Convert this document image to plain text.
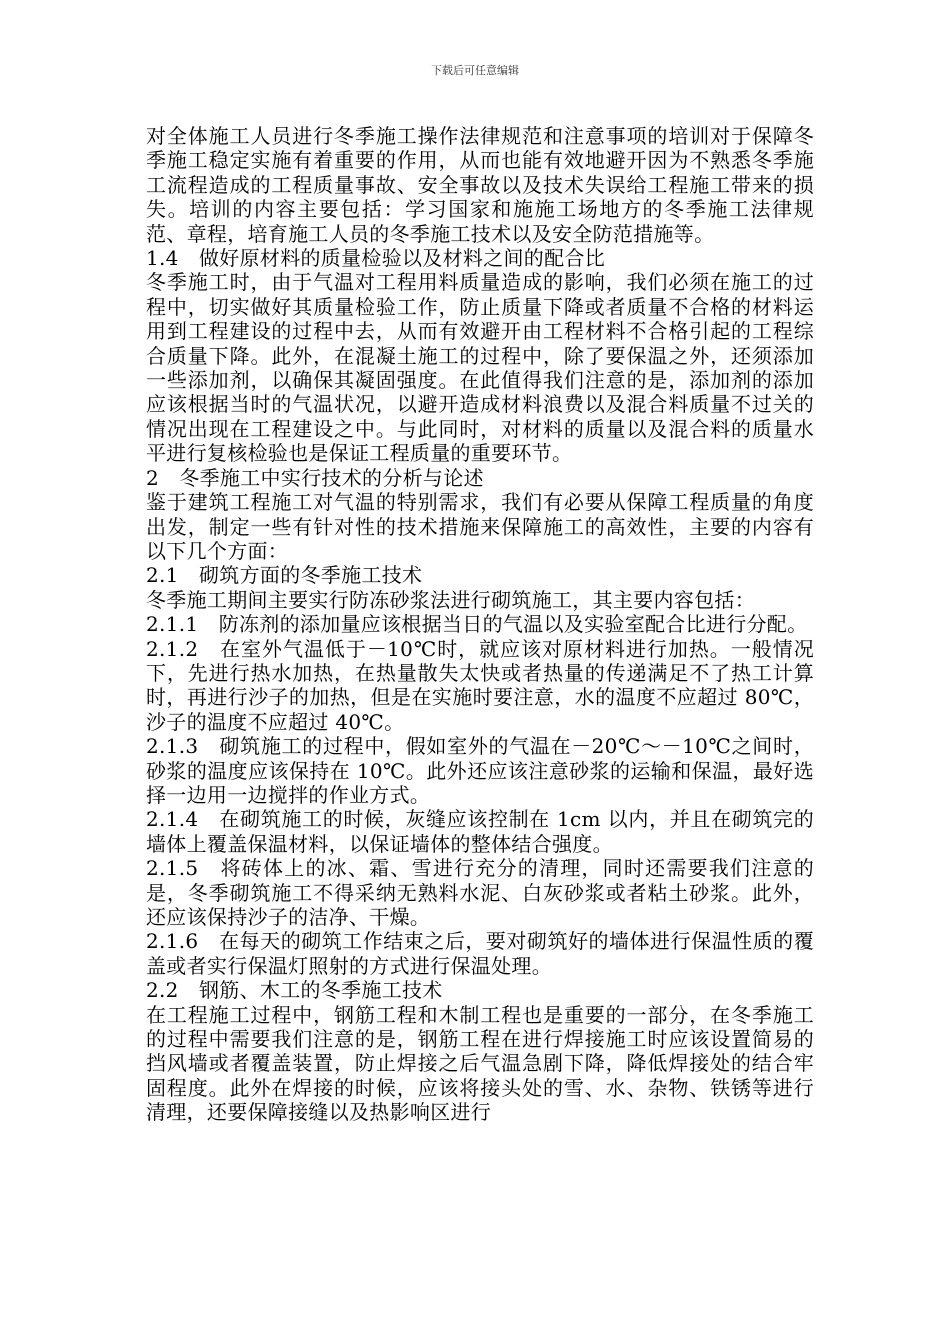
下载后可任意编辑

对全体施工人员进行冬季施工操作法律规范和注意事项的培训对于保障冬季施工稳定实施有着重要的作用，从而也能有效地避开因为不熟悉冬季施工流程造成的工程质量事故、安全事故以及技术失误给工程施工带来的损失。培训的内容主要包括：学习国家和施施工场地方的冬季施工法律规范、章程，培育施工人员的冬季施工技术以及安全防范措施等。

1.4　做好原材料的质量检验以及材料之间的配合比

冬季施工时，由于气温对工程用料质量造成的影响，我们必须在施工的过程中，切实做好其质量检验工作，防止质量下降或者质量不合格的材料运用到工程建设的过程中去，从而有效避开由工程材料不合格引起的工程综合质量下降。此外，在混凝土施工的过程中，除了要保温之外，还须添加一些添加剂，以确保其凝固强度。在此值得我们注意的是，添加剂的添加应该根据当时的气温状况，以避开造成材料浪费以及混合料质量不过关的情况出现在工程建设之中。与此同时，对材料的质量以及混合料的质量水平进行复核检验也是保证工程质量的重要环节。

2　冬季施工中实行技术的分析与论述

鉴于建筑工程施工对气温的特别需求，我们有必要从保障工程质量的角度出发，制定一些有针对性的技术措施来保障施工的高效性，主要的内容有以下几个方面：

2.1　砌筑方面的冬季施工技术

冬季施工期间主要实行防冻砂浆法进行砌筑施工，其主要内容包括：

2.1.1　防冻剂的添加量应该根据当日的气温以及实验室配合比进行分配。

2.1.2　在室外气温低于－10℃时，就应该对原材料进行加热。一般情况下，先进行热水加热，在热量散失太快或者热量的传递满足不了热工计算时，再进行沙子的加热，但是在实施时要注意，水的温度不应超过 80℃，沙子的温度不应超过 40℃。

2.1.3　砌筑施工的过程中，假如室外的气温在－20℃～－10℃之间时，砂浆的温度应该保持在 10℃。此外还应该注意砂浆的运输和保温，最好选择一边用一边搅拌的作业方式。

2.1.4　在砌筑施工的时候，灰缝应该控制在 1cm 以内，并且在砌筑完的墙体上覆盖保温材料，以保证墙体的整体结合强度。

2.1.5　将砖体上的冰、霜、雪进行充分的清理，同时还需要我们注意的是，冬季砌筑施工不得采纳无熟料水泥、白灰砂浆或者粘土砂浆。此外，还应该保持沙子的洁净、干燥。

2.1.6　在每天的砌筑工作结束之后，要对砌筑好的墙体进行保温性质的覆盖或者实行保温灯照射的方式进行保温处理。

2.2　钢筋、木工的冬季施工技术

在工程施工过程中，钢筋工程和木制工程也是重要的一部分，在冬季施工的过程中需要我们注意的是，钢筋工程在进行焊接施工时应该设置简易的挡风墙或者覆盖装置，防止焊接之后气温急剧下降，降低焊接处的结合牢固程度。此外在焊接的时候，应该将接头处的雪、水、杂物、铁锈等进行清理，还要保障接缝以及热影响区进行
